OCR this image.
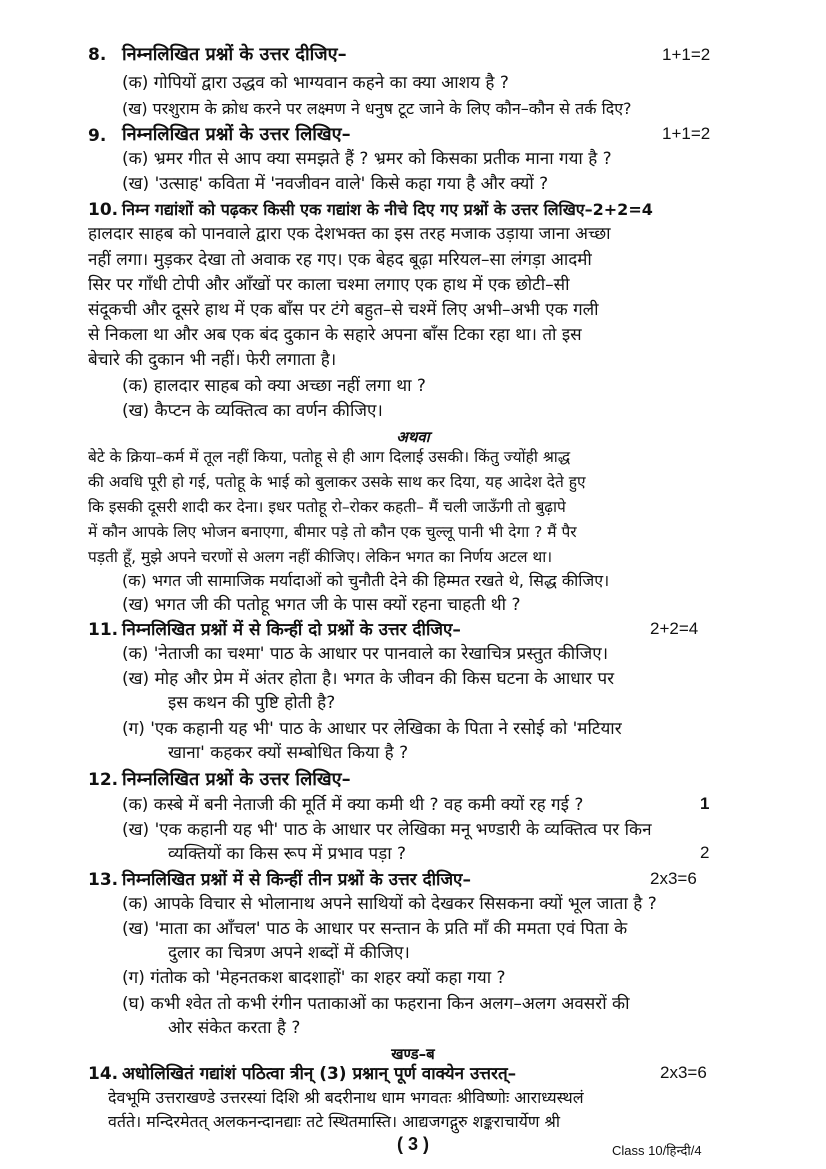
8. निम्नलिखित प्रश्नों के उत्तर दीजिए–	1+1=2
(क) गोपियों द्वारा उद्धव को भाग्यवान कहने का क्या आशय है ?
(ख) परशुराम के क्रोध करने पर लक्ष्मण ने धनुष टूट जाने के लिए कौन–कौन से तर्क दिए?
9. निम्नलिखित प्रश्नों के उत्तर लिखिए–	1+1=2
(क) भ्रमर गीत से आप क्या समझते हैं ? भ्रमर को किसका प्रतीक माना गया है ?
(ख) 'उत्साह' कविता में 'नवजीवन वाले' किसे कहा गया है और क्यों ?
10. निम्न गद्यांशों को पढ़कर किसी एक गद्यांश के नीचे दिए गए प्रश्नों के उत्तर लिखिए–2+2=4
हालदार साहब को पानवाले द्वारा एक देशभक्त का इस तरह मजाक उड़ाया जाना अच्छा
नहीं लगा। मुड़कर देखा तो अवाक रह गए। एक बेहद बूढ़ा मरियल–सा लंगड़ा आदमी
सिर पर गाँधी टोपी और आँखों पर काला चश्मा लगाए एक हाथ में एक छोटी–सी
संदूकची और दूसरे हाथ में एक बाँस पर टंगे बहुत–से चश्में लिए अभी–अभी एक गली
से निकला था और अब एक बंद दुकान के सहारे अपना बाँस टिका रहा था। तो इस
बेचारे की दुकान भी नहीं। फेरी लगाता है।
(क) हालदार साहब को क्या अच्छा नहीं लगा था ?
(ख) कैप्टन के व्यक्तित्व का वर्णन कीजिए।
अथवा
बेटे के क्रिया–कर्म में तूल नहीं किया, पतोहू से ही आग दिलाई उसकी। किंतु ज्योंही श्राद्ध
की अवधि पूरी हो गई, पतोहू के भाई को बुलाकर उसके साथ कर दिया, यह आदेश देते हुए
कि इसकी दूसरी शादी कर देना। इधर पतोहू रो–रोकर कहती– मैं चली जाऊँगी तो बुढ़ापे
में कौन आपके लिए भोजन बनाएगा, बीमार पड़े तो कौन एक चुल्लू पानी भी देगा ? मैं पैर
पड़ती हूँ, मुझे अपने चरणों से अलग नहीं कीजिए। लेकिन भगत का निर्णय अटल था।
(क) भगत जी सामाजिक मर्यादाओं को चुनौती देने की हिम्मत रखते थे, सिद्ध कीजिए।
(ख) भगत जी की पतोहू भगत जी के पास क्यों रहना चाहती थी ?
11. निम्नलिखित प्रश्नों में से किन्हीं दो प्रश्नों के उत्तर दीजिए–	2+2=4
(क) 'नेताजी का चश्मा' पाठ के आधार पर पानवाले का रेखाचित्र प्रस्तुत कीजिए।
(ख) मोह और प्रेम में अंतर होता है। भगत के जीवन की किस घटना के आधार पर
इस कथन की पुष्टि होती है?
(ग) 'एक कहानी यह भी' पाठ के आधार पर लेखिका के पिता ने रसोई को 'मटियार
खाना' कहकर क्यों सम्बोधित किया है ?
12. निम्नलिखित प्रश्नों के उत्तर लिखिए–
(क) कस्बे में बनी नेताजी की मूर्ति में क्या कमी थी ? वह कमी क्यों रह गई ?	1
(ख) 'एक कहानी यह भी' पाठ के आधार पर लेखिका मनू भण्डारी के व्यक्तित्व पर किन
व्यक्तियों का किस रूप में प्रभाव पड़ा ?	2
13. निम्नलिखित प्रश्नों में से किन्हीं तीन प्रश्नों के उत्तर दीजिए–	2x3=6
(क) आपके विचार से भोलानाथ अपने साथियों को देखकर सिसकना क्यों भूल जाता है ?
(ख) 'माता का आँचल' पाठ के आधार पर सन्तान के प्रति माँ की ममता एवं पिता के
दुलार का चित्रण अपने शब्दों में कीजिए।
(ग) गंतोक को 'मेहनतकश बादशाहों' का शहर क्यों कहा गया ?
(घ) कभी श्वेत तो कभी रंगीन पताकाओं का फहराना किन अलग–अलग अवसरों की
ओर संकेत करता है ?
खण्ड–ब
14. अधोलिखितं गद्यांशं पठित्वा त्रीन् (3) प्रश्नान् पूर्ण वाक्येन उत्तरत्–	2x3=6
देवभूमि उत्तराखण्डे उत्तरस्यां दिशि श्री बदरीनाथ धाम भगवतः श्रीविष्णोः आराध्यस्थलं
वर्तते। मन्दिरमेतत् अलकनन्दानद्याः तटे स्थितमास्ति। आद्यजगद्गुरु शङ्कराचार्येण श्री
( 3 )	Class 10/हिन्दी/4
